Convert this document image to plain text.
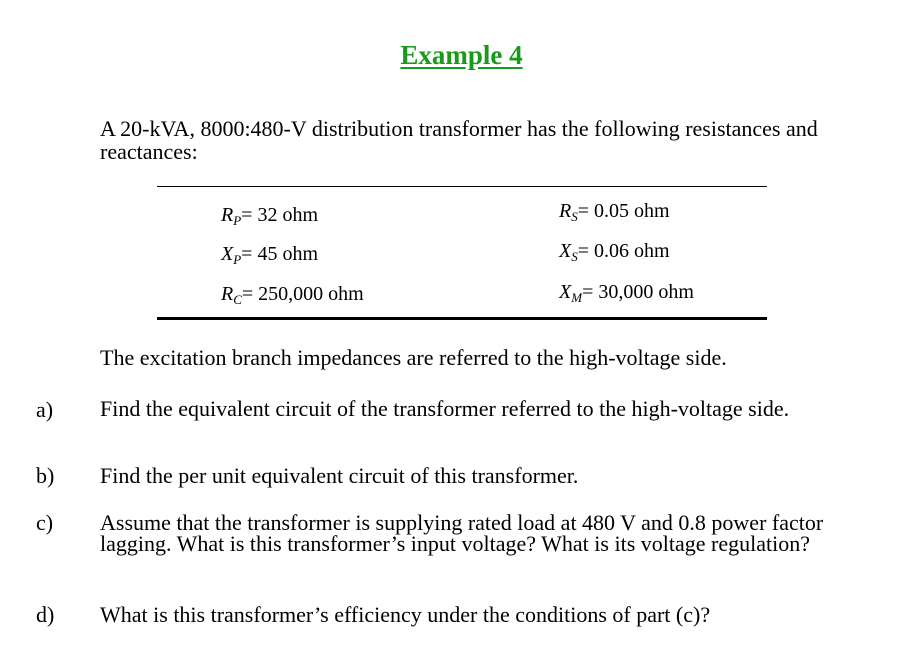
Example 4

A 20-kVA, 8000:480-V distribution transformer has the following resistances and reactances:

$R_P= 32$ ohm	$R_S= 0.05$ ohm
$X_P= 45$ ohm	$X_S= 0.06$ ohm
$R_C= 250,000$ ohm	$X_M= 30,000$ ohm

The excitation branch impedances are referred to the high-voltage side.

a) Find the equivalent circuit of the transformer referred to the high-voltage side.

b) Find the per unit equivalent circuit of this transformer.

c) Assume that the transformer is supplying rated load at 480 V and 0.8 power factor lagging. What is this transformer’s input voltage? What is its voltage regulation?

d) What is this transformer’s efficiency under the conditions of part (c)?
